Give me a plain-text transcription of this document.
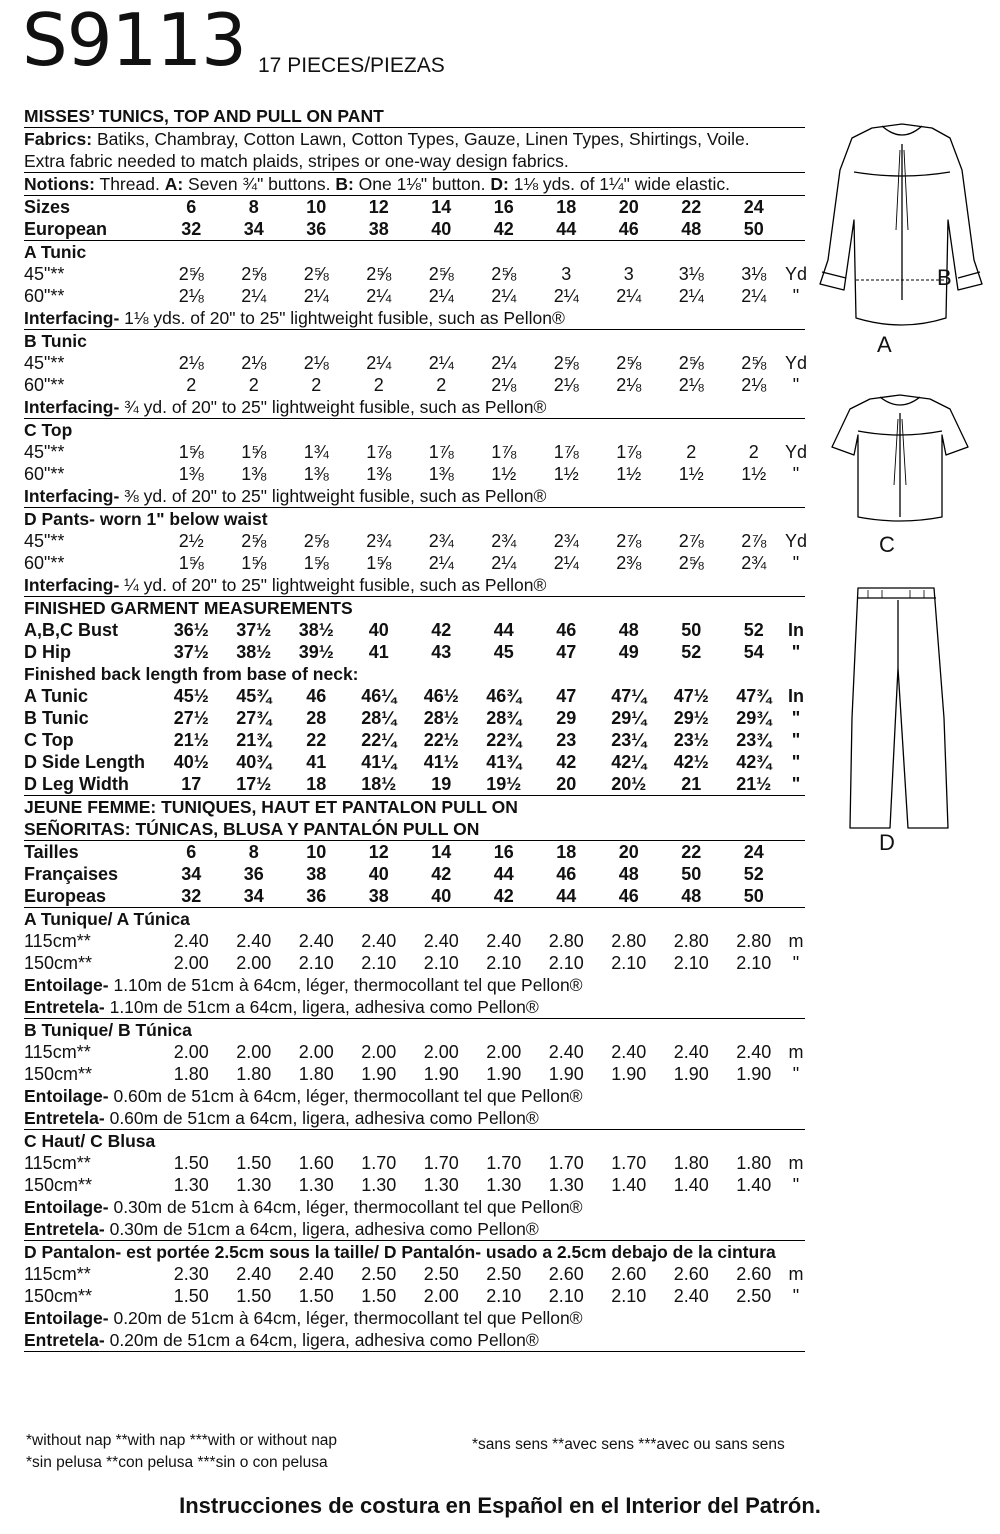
S9113 17 PIECES/PIEZAS
MISSES’ TUNICS, TOP AND PULL ON PANT
Fabrics: Batiks, Chambray, Cotton Lawn, Cotton Types, Gauze, Linen Types, Shirtings, Voile.
Extra fabric needed to match plaids, stripes or one-way design fabrics.
Notions: Thread. A: Seven ¾" buttons. B: One 1⅛" button. D: 1⅛ yds. of 1¼" wide elastic.
Sizes	6	8	10	12	14	16	18	20	22	24
European	32	34	36	38	40	42	44	46	48	50
A Tunic
45"**	2⅝	2⅝	2⅝	2⅝	2⅝	2⅝	3	3	3⅛	3⅛	Yd
60"**	2⅛	2¼	2¼	2¼	2¼	2¼	2¼	2¼	2¼	2¼	"
Interfacing- 1⅛ yds. of 20" to 25" lightweight fusible, such as Pellon®
B Tunic
45"**	2⅛	2⅛	2⅛	2¼	2¼	2¼	2⅝	2⅝	2⅝	2⅝	Yd
60"**	2	2	2	2	2	2⅛	2⅛	2⅛	2⅛	2⅛	"
Interfacing- ¾ yd. of 20" to 25" lightweight fusible, such as Pellon®
C Top
45"**	1⅝	1⅝	1¾	1⅞	1⅞	1⅞	1⅞	1⅞	2	2	Yd
60"**	1⅜	1⅜	1⅜	1⅜	1⅜	1½	1½	1½	1½	1½	"
Interfacing- ⅜ yd. of 20" to 25" lightweight fusible, such as Pellon®
D Pants- worn 1" below waist
45"**	2½	2⅝	2⅝	2¾	2¾	2¾	2¾	2⅞	2⅞	2⅞	Yd
60"**	1⅝	1⅝	1⅝	1⅝	2¼	2¼	2¼	2⅜	2⅝	2¾	"
Interfacing- ¼ yd. of 20" to 25" lightweight fusible, such as Pellon®
FINISHED GARMENT MEASUREMENTS
A,B,C Bust	36½	37½	38½	40	42	44	46	48	50	52	In
D Hip	37½	38½	39½	41	43	45	47	49	52	54	"
Finished back length from base of neck:
A Tunic	45½	45¾	46	46¼	46½	46¾	47	47¼	47½	47¾ In
B Tunic	27½	27¾	28	28¼	28½	28¾	29	29¼	29½	29¾	"
C Top	21½	21¾	22	22¼	22½	22¾	23	23¼	23½	23¾	"
D Side Length	40½	40¾	41	41¼	41½	41¾	42	42¼	42½	42¾	"
D Leg Width	17	17½	18	18½	19	19½	20	20½	21	21½	"
JEUNE FEMME: TUNIQUES, HAUT ET PANTALON PULL ON
SEÑORITAS: TÚNICAS, BLUSA Y PANTALÓN PULL ON
Tailles	6	8	10	12	14	16	18	20	22	24
Françaises	34	36	38	40	42	44	46	48	50	52
Europeas	32	34	36	38	40	42	44	46	48	50
A Tunique/ A Túnica
115cm**	2.40	2.40	2.40	2.40	2.40	2.40	2.80	2.80	2.80	2.80 m
150cm**	2.00	2.00	2.10	2.10	2.10	2.10	2.10	2.10	2.10	2.10	"
Entoilage- 1.10m de 51cm à 64cm, léger, thermocollant tel que Pellon®
Entretela- 1.10m de 51cm a 64cm, ligera, adhesiva como Pellon®
B Tunique/ B Túnica
115cm**	2.00	2.00	2.00	2.00	2.00	2.00	2.40	2.40	2.40	2.40 m
150cm**	1.80	1.80	1.80	1.90	1.90	1.90	1.90	1.90	1.90	1.90	"
Entoilage- 0.60m de 51cm à 64cm, léger, thermocollant tel que Pellon®
Entretela- 0.60m de 51cm a 64cm, ligera, adhesiva como Pellon®
C Haut/ C Blusa
115cm**	1.50	1.50	1.60	1.70	1.70	1.70	1.70	1.70	1.80	1.80 m
150cm**	1.30	1.30	1.30	1.30	1.30	1.30	1.30	1.40	1.40	1.40	"
Entoilage- 0.30m de 51cm à 64cm, léger, thermocollant tel que Pellon®
Entretela- 0.30m de 51cm a 64cm, ligera, adhesiva como Pellon®
D Pantalon- est portée 2.5cm sous la taille/ D Pantalón- usado a 2.5cm debajo de la cintura
115cm**	2.30	2.40	2.40	2.50	2.50	2.50	2.60	2.60	2.60	2.60 m
150cm**	1.50	1.50	1.50	1.50	2.00	2.10	2.10	2.10	2.40	2.50	"
Entoilage- 0.20m de 51cm à 64cm, léger, thermocollant tel que Pellon®
Entretela- 0.20m de 51cm a 64cm, ligera, adhesiva como Pellon®
*without nap **with nap ***with or without nap	*sans sens **avec sens ***avec ou sans sens
*sin pelusa **con pelusa ***sin o con pelusa
Instrucciones de costura en Español en el Interior del Patrón.
B
A
C
D
